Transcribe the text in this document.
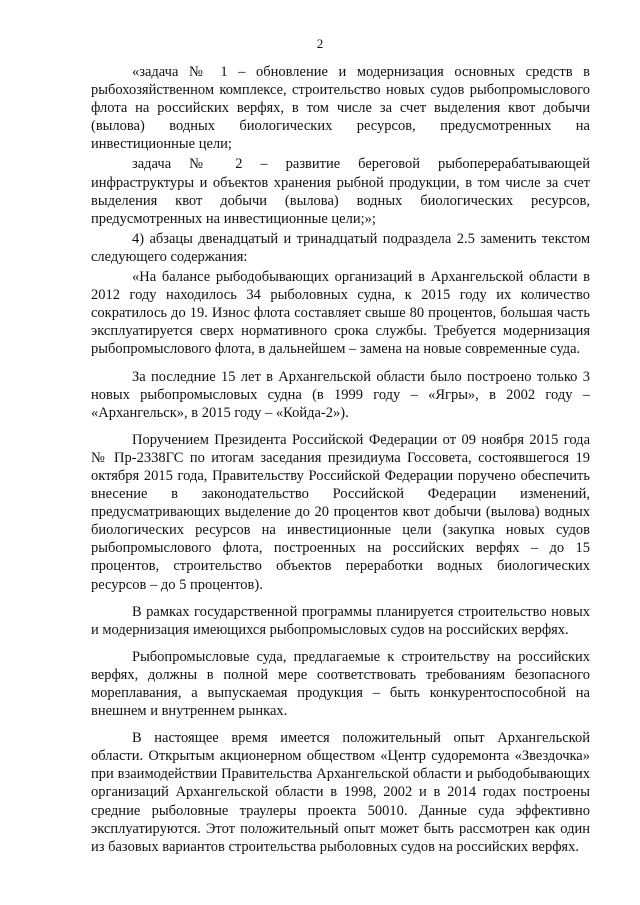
2

«задача № 1 – обновление и модернизация основных средств в рыбохозяйственном комплексе, строительство новых судов рыбопромыслового флота на российских верфях, в том числе за счет выделения квот добычи (вылова) водных биологических ресурсов, предусмотренных на инвестиционные цели;

задача № 2 – развитие береговой рыбоперерабатывающей инфраструктуры и объектов хранения рыбной продукции, в том числе за счет выделения квот добычи (вылова) водных биологических ресурсов, предусмотренных на инвестиционные цели;»;

4) абзацы двенадцатый и тринадцатый подраздела 2.5 заменить текстом следующего содержания:

«На балансе рыбодобывающих организаций в Архангельской области в 2012 году находилось 34 рыболовных судна, к 2015 году их количество сократилось до 19. Износ флота составляет свыше 80 процентов, большая часть эксплуатируется сверх нормативного срока службы. Требуется модернизация рыбопромыслового флота, в дальнейшем – замена на новые современные суда.

За последние 15 лет в Архангельской области было построено только 3 новых рыбопромысловых судна (в 1999 году – «Ягры», в 2002 году – «Архангельск», в 2015 году – «Койда-2»).

Поручением Президента Российской Федерации от 09 ноября 2015 года № Пр-2338ГС по итогам заседания президиума Госсовета, состоявшегося 19 октября 2015 года, Правительству Российской Федерации поручено обеспечить внесение в законодательство Российской Федерации изменений, предусматривающих выделение до 20 процентов квот добычи (вылова) водных биологических ресурсов на инвестиционные цели (закупка новых судов рыбопромыслового флота, построенных на российских верфях – до 15 процентов, строительство объектов переработки водных биологических ресурсов – до 5 процентов).

В рамках государственной программы планируется строительство новых и модернизация имеющихся рыбопромысловых судов на российских верфях.

Рыбопромысловые суда, предлагаемые к строительству на российских верфях, должны в полной мере соответствовать требованиям безопасного мореплавания, а выпускаемая продукция – быть конкурентоспособной на внешнем и внутреннем рынках.

В настоящее время имеется положительный опыт Архангельской области. Открытым акционерном обществом «Центр судоремонта «Звездочка» при взаимодействии Правительства Архангельской области и рыбодобывающих организаций Архангельской области в 1998, 2002 и в 2014 годах построены средние рыболовные траулеры проекта 50010. Данные суда эффективно эксплуатируются. Этот положительный опыт может быть рассмотрен как один из базовых вариантов строительства рыболовных судов на российских верфях.
